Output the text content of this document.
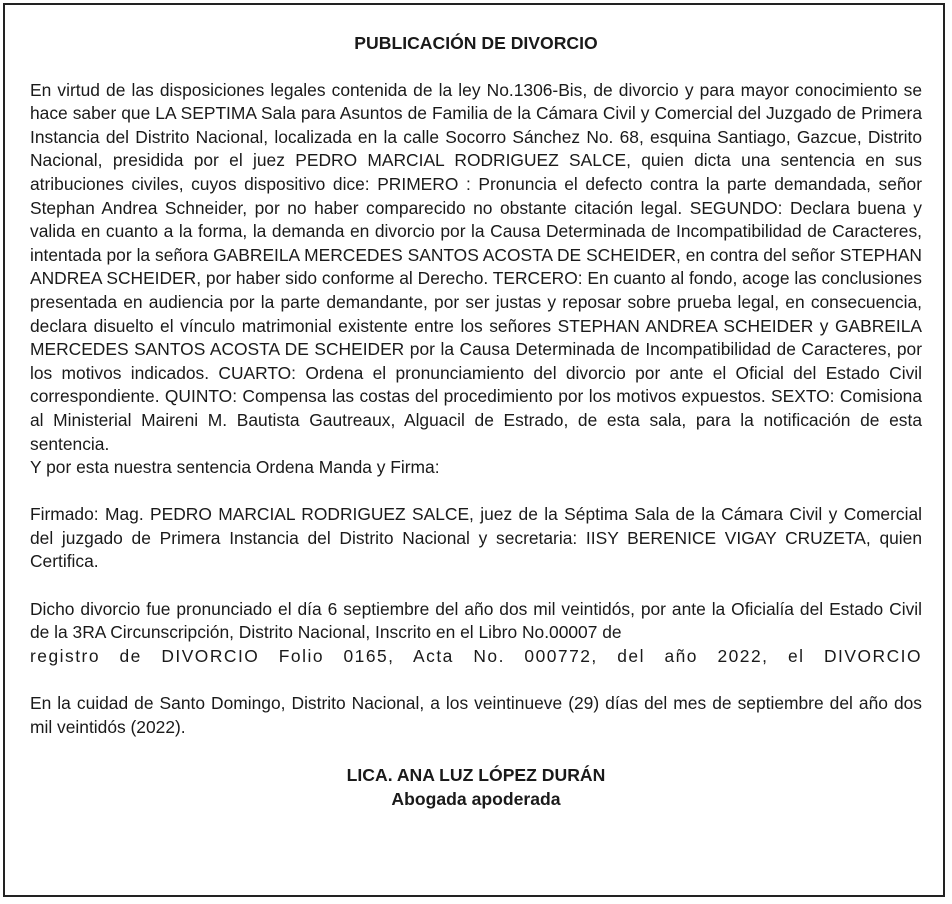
PUBLICACIÓN DE DIVORCIO

En virtud de las disposiciones legales contenida de la ley No.1306-Bis, de divorcio y para mayor conocimiento se hace saber que LA SEPTIMA Sala para Asuntos de Familia de la Cámara Civil y Comercial del Juzgado de Primera Instancia del Distrito Nacional, localizada en la calle Socorro Sánchez No. 68, esquina Santiago, Gazcue, Distrito Nacional, presidida por el juez PEDRO MARCIAL RODRIGUEZ SALCE, quien dicta una sentencia en sus atribuciones civiles, cuyos dispositivo dice: PRIMERO : Pronuncia el defecto contra la parte demandada, señor Stephan Andrea Schneider, por no haber comparecido no obstante citación legal. SEGUNDO: Declara buena y valida en cuanto a la forma, la demanda en divorcio por la Causa Determinada de Incompatibilidad de Caracteres, intentada por la señora GABREILA MERCEDES SANTOS ACOSTA DE SCHEIDER, en contra del señor STEPHAN ANDREA SCHEIDER, por haber sido conforme al Derecho. TERCERO: En cuanto al fondo, acoge las conclusiones presentada en audiencia por la parte demandante, por ser justas y reposar sobre prueba legal, en consecuencia, declara disuelto el vínculo matrimonial existente entre los señores STEPHAN ANDREA SCHEIDER y GABREILA MERCEDES SANTOS ACOSTA DE SCHEIDER por la Causa Determinada de Incompatibilidad de Caracteres, por los motivos indicados. CUARTO: Ordena el pronunciamiento del divorcio por ante el Oficial del Estado Civil correspondiente. QUINTO: Compensa las costas del procedimiento por los motivos expuestos. SEXTO: Comisiona al Ministerial Maireni M. Bautista Gautreaux, Alguacil de Estrado, de esta sala, para la notificación de esta sentencia.

Y por esta nuestra sentencia Ordena Manda y Firma:

Firmado: Mag. PEDRO MARCIAL RODRIGUEZ SALCE, juez de la Séptima Sala de la Cámara Civil y Comercial del juzgado de Primera Instancia del Distrito Nacional y secretaria: IISY BERENICE VIGAY CRUZETA, quien Certifica.

Dicho divorcio fue pronunciado el día 6 septiembre del año dos mil veintidós, por ante la Oficialía del Estado Civil de la 3RA Circunscripción, Distrito Nacional, Inscrito en el Libro No.00007 de

registro de DIVORCIO Folio 0165, Acta No. 000772, del año 2022, el DIVORCIO

En la cuidad de Santo Domingo, Distrito Nacional, a los veintinueve (29) días del mes de septiembre del año dos mil veintidós (2022).

LICA. ANA LUZ LÓPEZ DURÁN
Abogada apoderada
